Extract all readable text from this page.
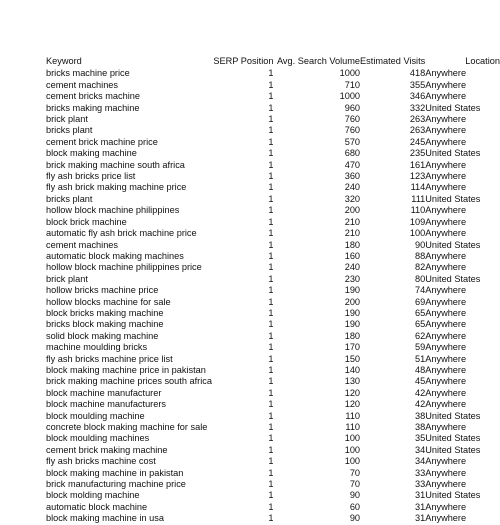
Keyword	SERP Position	Avg. Search Volume	Estimated Visits	Location
bricks machine price	1	1000	418	Anywhere
cement machines	1	710	355	Anywhere
cement bricks machine	1	1000	346	Anywhere
bricks making machine	1	960	332	United States
brick plant	1	760	263	Anywhere
bricks plant	1	760	263	Anywhere
cement brick machine price	1	570	245	Anywhere
block making machine	1	680	235	United States
brick making machine south africa	1	470	161	Anywhere
fly ash bricks price list	1	360	123	Anywhere
fly ash brick making machine price	1	240	114	Anywhere
bricks plant	1	320	111	United States
hollow block machine philippines	1	200	110	Anywhere
block brick machine	1	210	109	Anywhere
automatic fly ash brick machine price	1	210	100	Anywhere
cement machines	1	180	90	United States
automatic block making machines	1	160	88	Anywhere
hollow block machine philippines price	1	240	82	Anywhere
brick plant	1	230	80	United States
hollow bricks machine price	1	190	74	Anywhere
hollow blocks machine for sale	1	200	69	Anywhere
block bricks making machine	1	190	65	Anywhere
bricks block making machine	1	190	65	Anywhere
solid block making machine	1	180	62	Anywhere
machine moulding bricks	1	170	59	Anywhere
fly ash bricks machine price list	1	150	51	Anywhere
block making machine price in pakistan	1	140	48	Anywhere
brick making machine prices south africa	1	130	45	Anywhere
block machine manufacturer	1	120	42	Anywhere
block machine manufacturers	1	120	42	Anywhere
block moulding machine	1	110	38	United States
concrete block making machine for sale	1	110	38	Anywhere
block moulding machines	1	100	35	United States
cement brick making machine	1	100	34	United States
fly ash bricks machine cost	1	100	34	Anywhere
block making machine in pakistan	1	70	33	Anywhere
brick manufacturing machine price	1	70	33	Anywhere
block molding machine	1	90	31	United States
automatic block machine	1	60	31	Anywhere
block making machine in usa	1	90	31	Anywhere
